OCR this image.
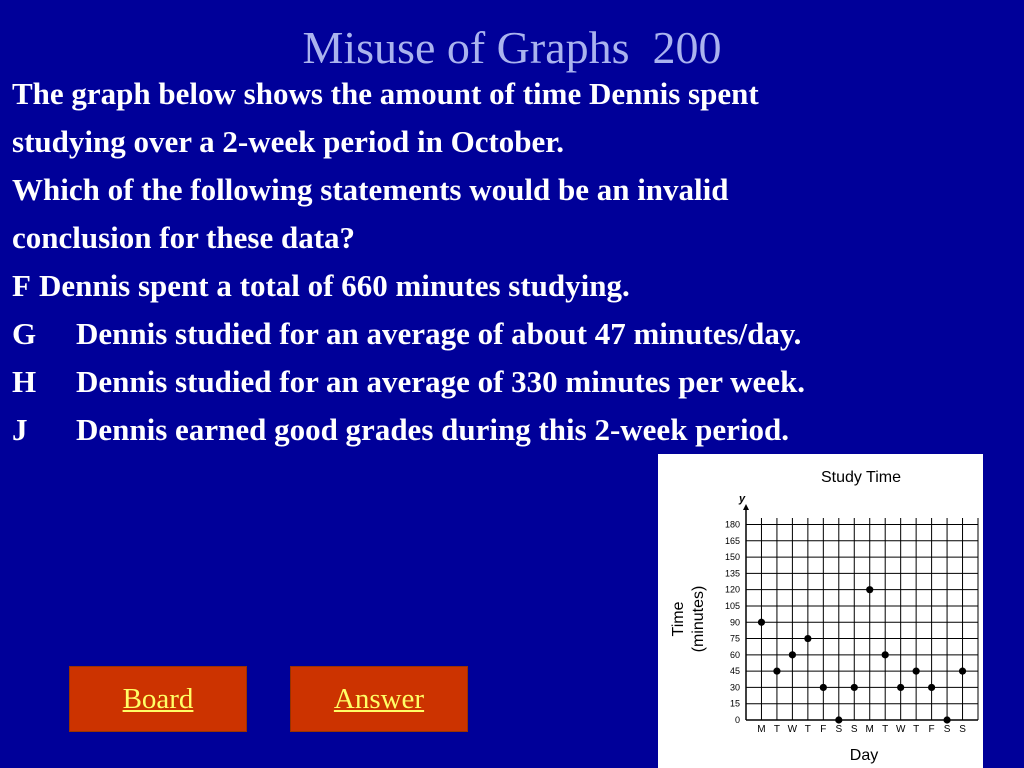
Misuse of Graphs  200

The graph below shows the amount of time Dennis spent

studying over a 2-week period in October.

Which of the following statements would be an invalid

conclusion for these data?

F Dennis spent a total of 660 minutes studying.
G	Dennis studied for an average of about 47 minutes/day.
H	Dennis studied for an average of 330 minutes per week.
J	Dennis earned good grades during this 2-week period.
Board	Answer
Study Time
y
0
15
30
45
60
75
90
105
120
135
150
165
180
M T W T F S S M T W T F S S
Day
Time (minutes)
